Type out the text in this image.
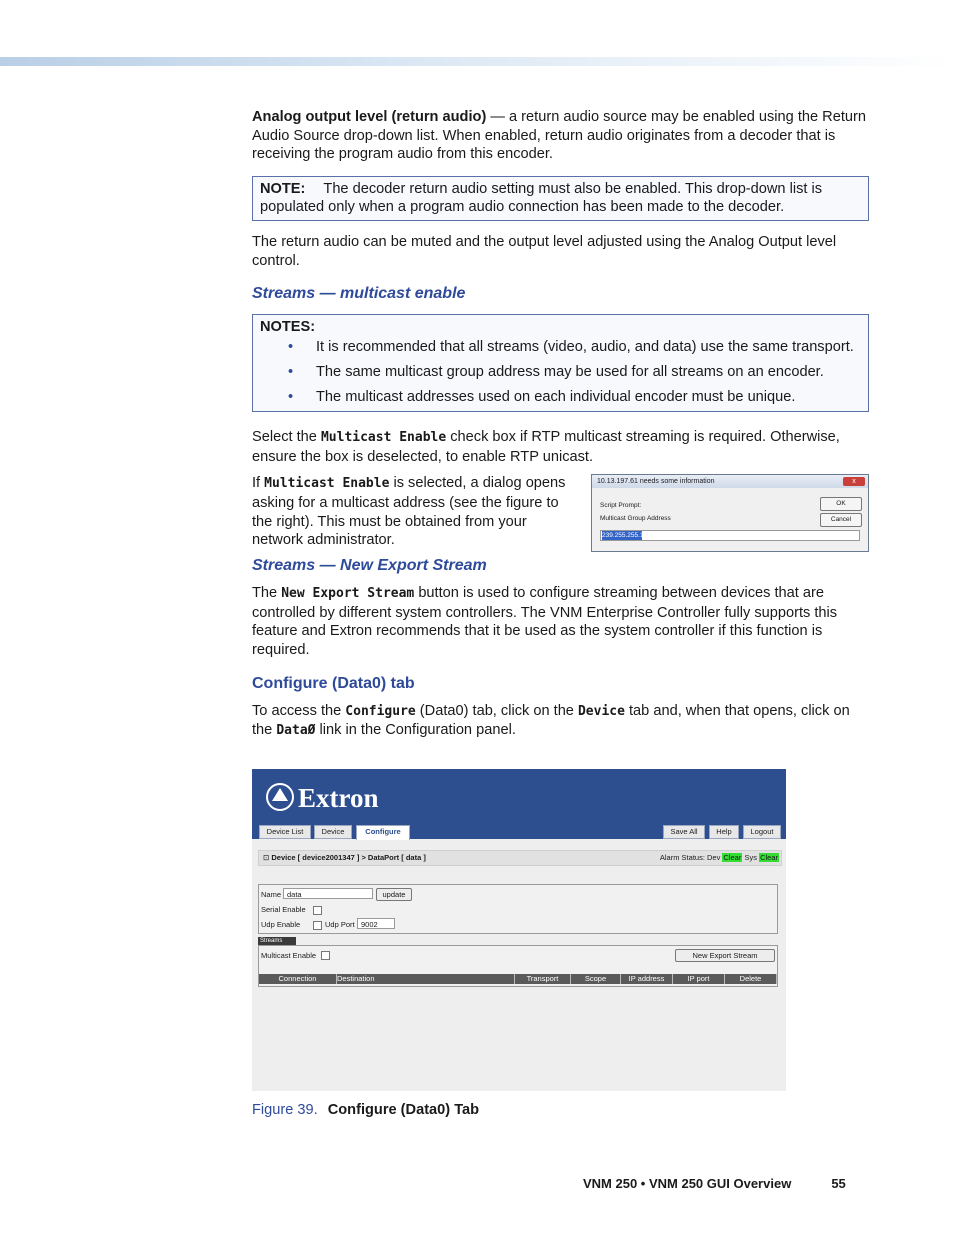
Analog output level (return audio) — a return audio source may be enabled using the Return Audio Source drop-down list. When enabled, return audio originates from a decoder that is receiving the program audio from this encoder.

NOTE: The decoder return audio setting must also be enabled. This drop-down list is populated only when a program audio connection has been made to the decoder.

The return audio can be muted and the output level adjusted using the Analog Output level control.

Streams — multicast enable
NOTES:
• It is recommended that all streams (video, audio, and data) use the same transport.
• The same multicast group address may be used for all streams on an encoder.
• The multicast addresses used on each individual encoder must be unique.

Select the Multicast Enable check box if RTP multicast streaming is required. Otherwise, ensure the box is deselected, to enable RTP unicast.

If Multicast Enable is selected, a dialog opens asking for a multicast address (see the figure to the right). This must be obtained from your network administrator.

10.13.197.61 needs some information	x
Script Prompt:
Multicast Group Address
OK
Cancel
239.255.255.1
Streams — New Export Stream

The New Export Stream button is used to configure streaming between devices that are controlled by different system controllers. The VNM Enterprise Controller fully supports this feature and Extron recommends that it be used as the system controller if this function is required.

Configure (Data0) tab

To access the Configure (Data0) tab, click on the Device tab and, when that opens, click on the DataØ link in the Configuration panel.

Extron
Device List	Device	Configure	Save All	Help	Logout
⊡ Device [ device2001347 ] > DataPort [ data ]	Alarm Status: Dev Clear Sys Clear
Name data	update
Serial Enable
Udp Enable	Udp Port 9002
Streams
Multicast Enable	New Export Stream
Connection	Destination	Transport	Scope	IP address	IP port	Delete
Figure 39. Configure (Data0) Tab
VNM 250 • VNM 250 GUI Overview	55
